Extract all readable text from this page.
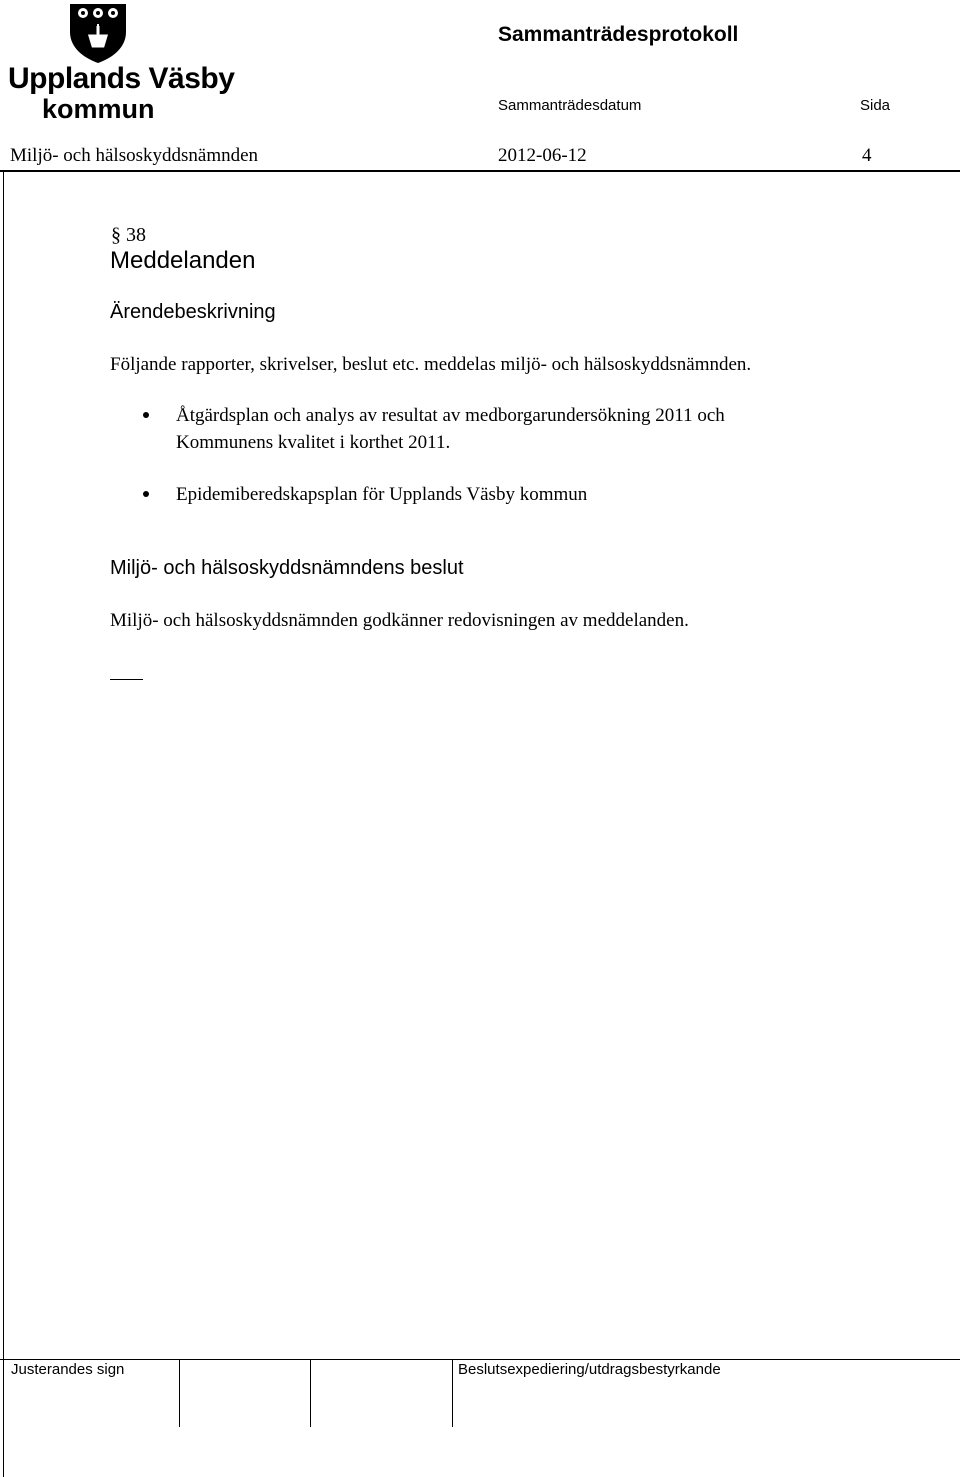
Upplands Väsby
kommun
Sammanträdesprotokoll
Sammanträdesdatum	Sida
Miljö- och hälsoskyddsnämnden	2012-06-12	4
§ 38
Meddelanden
Ärendebeskrivning
Följande rapporter, skrivelser, beslut etc. meddelas miljö- och hälsoskyddsnämnden.
Åtgärdsplan och analys av resultat av medborgarundersökning 2011 och
Kommunens kvalitet i korthet 2011.
Epidemiberedskapsplan för Upplands Väsby kommun
Miljö- och hälsoskyddsnämndens beslut
Miljö- och hälsoskyddsnämnden godkänner redovisningen av meddelanden.
Justerandes sign	Beslutsexpediering/utdragsbestyrkande
